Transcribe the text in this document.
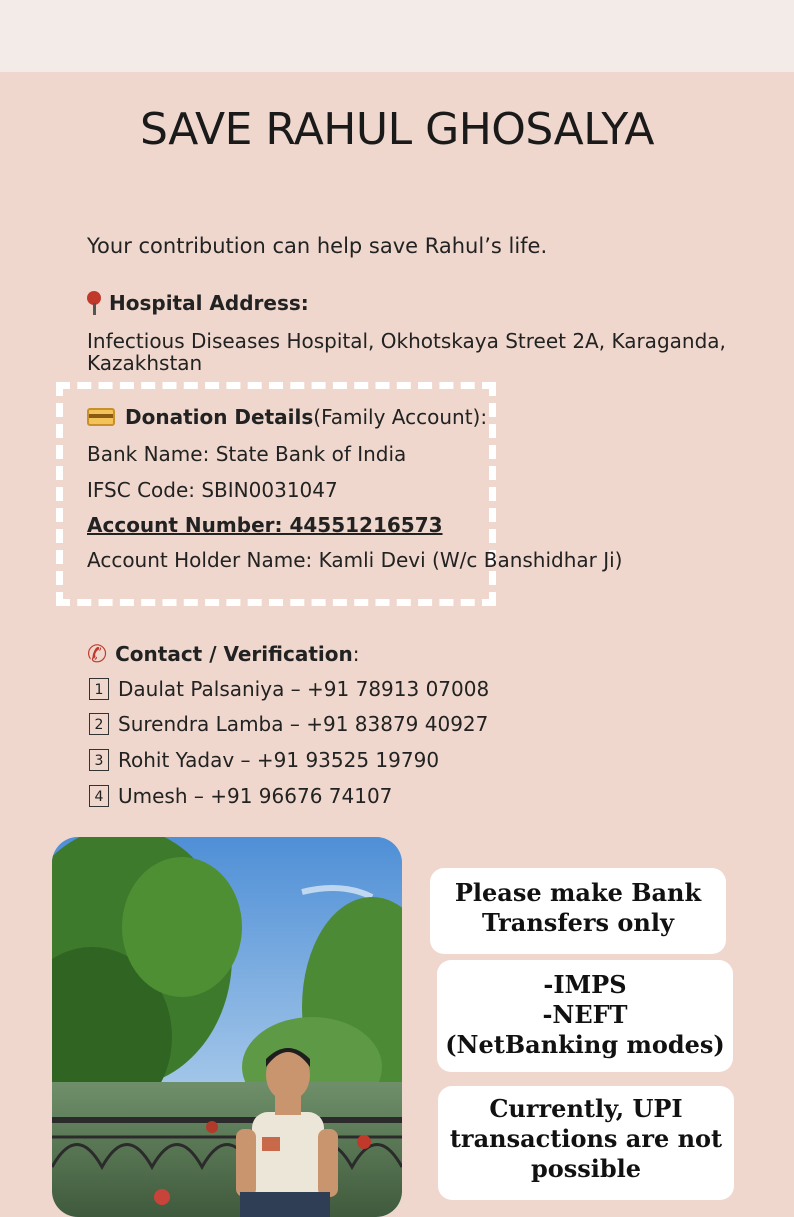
SAVE RAHUL GHOSALYA
Your contribution can help save Rahul’s life.
Hospital Address:
Infectious Diseases Hospital, Okhotskaya Street 2A, Karaganda, Kazakhstan
Donation Details (Family Account):
Bank Name: State Bank of India
IFSC Code: SBIN0031047
Account Number: 44551216573
Account Holder Name: Kamli Devi (W/c Banshidhar Ji)
✆ Contact / Verification :
1 Daulat Palsaniya – +91 78913 07008
2 Surendra Lamba – +91 83879 40927
3 Rohit Yadav – +91 93525 19790
4 Umesh – +91 96676 74107
Please make Bank
Transfers only
-IMPS
-NEFT
(NetBanking modes)
Currently, UPI
transactions are not
possible
